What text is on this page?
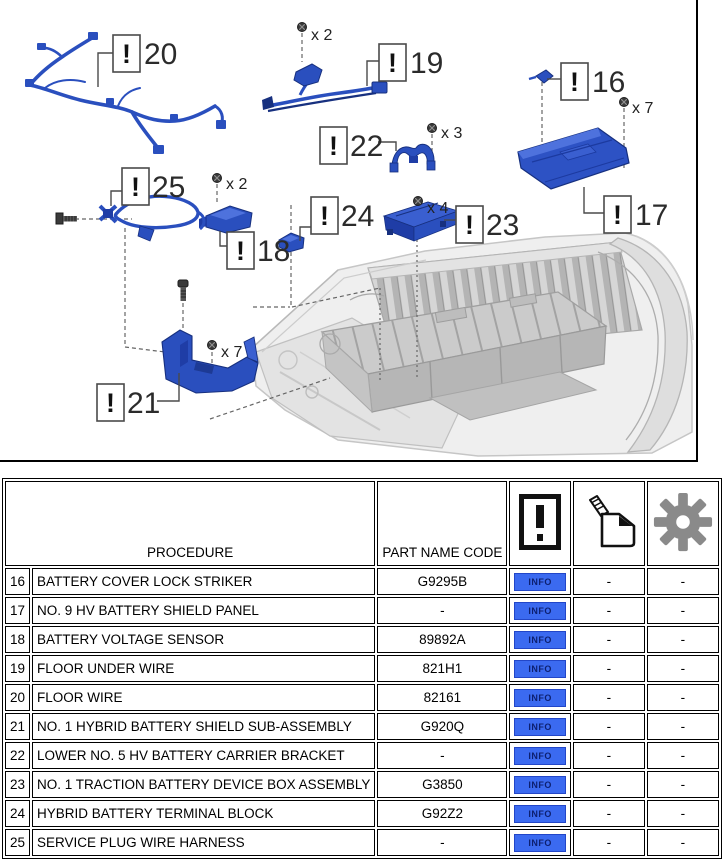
! 20	! 19
! 16
! 17
! 22
! 25
! 18
! 24	! 23
! 21
x 2
x 7
x 3
x 2
x 4
x 7
PROCEDURE		PART NAME CODE			
16	BATTERY COVER LOCK STRIKER	G9295B	INFO	-	-
17	NO. 9 HV BATTERY SHIELD PANEL	-	INFO	-	-
18	BATTERY VOLTAGE SENSOR	89892A	INFO	-	-
19	FLOOR UNDER WIRE	821H1	INFO	-	-
20	FLOOR WIRE	82161	INFO	-	-
21	NO. 1 HYBRID BATTERY SHIELD SUB-ASSEMBLY	G920Q	INFO	-	-
22	LOWER NO. 5 HV BATTERY CARRIER BRACKET	-	INFO	-	-
23	NO. 1 TRACTION BATTERY DEVICE BOX ASSEMBLY	G3850	INFO	-	-
24	HYBRID BATTERY TERMINAL BLOCK	G92Z2	INFO	-	-
25	SERVICE PLUG WIRE HARNESS	-	INFO	-	-
